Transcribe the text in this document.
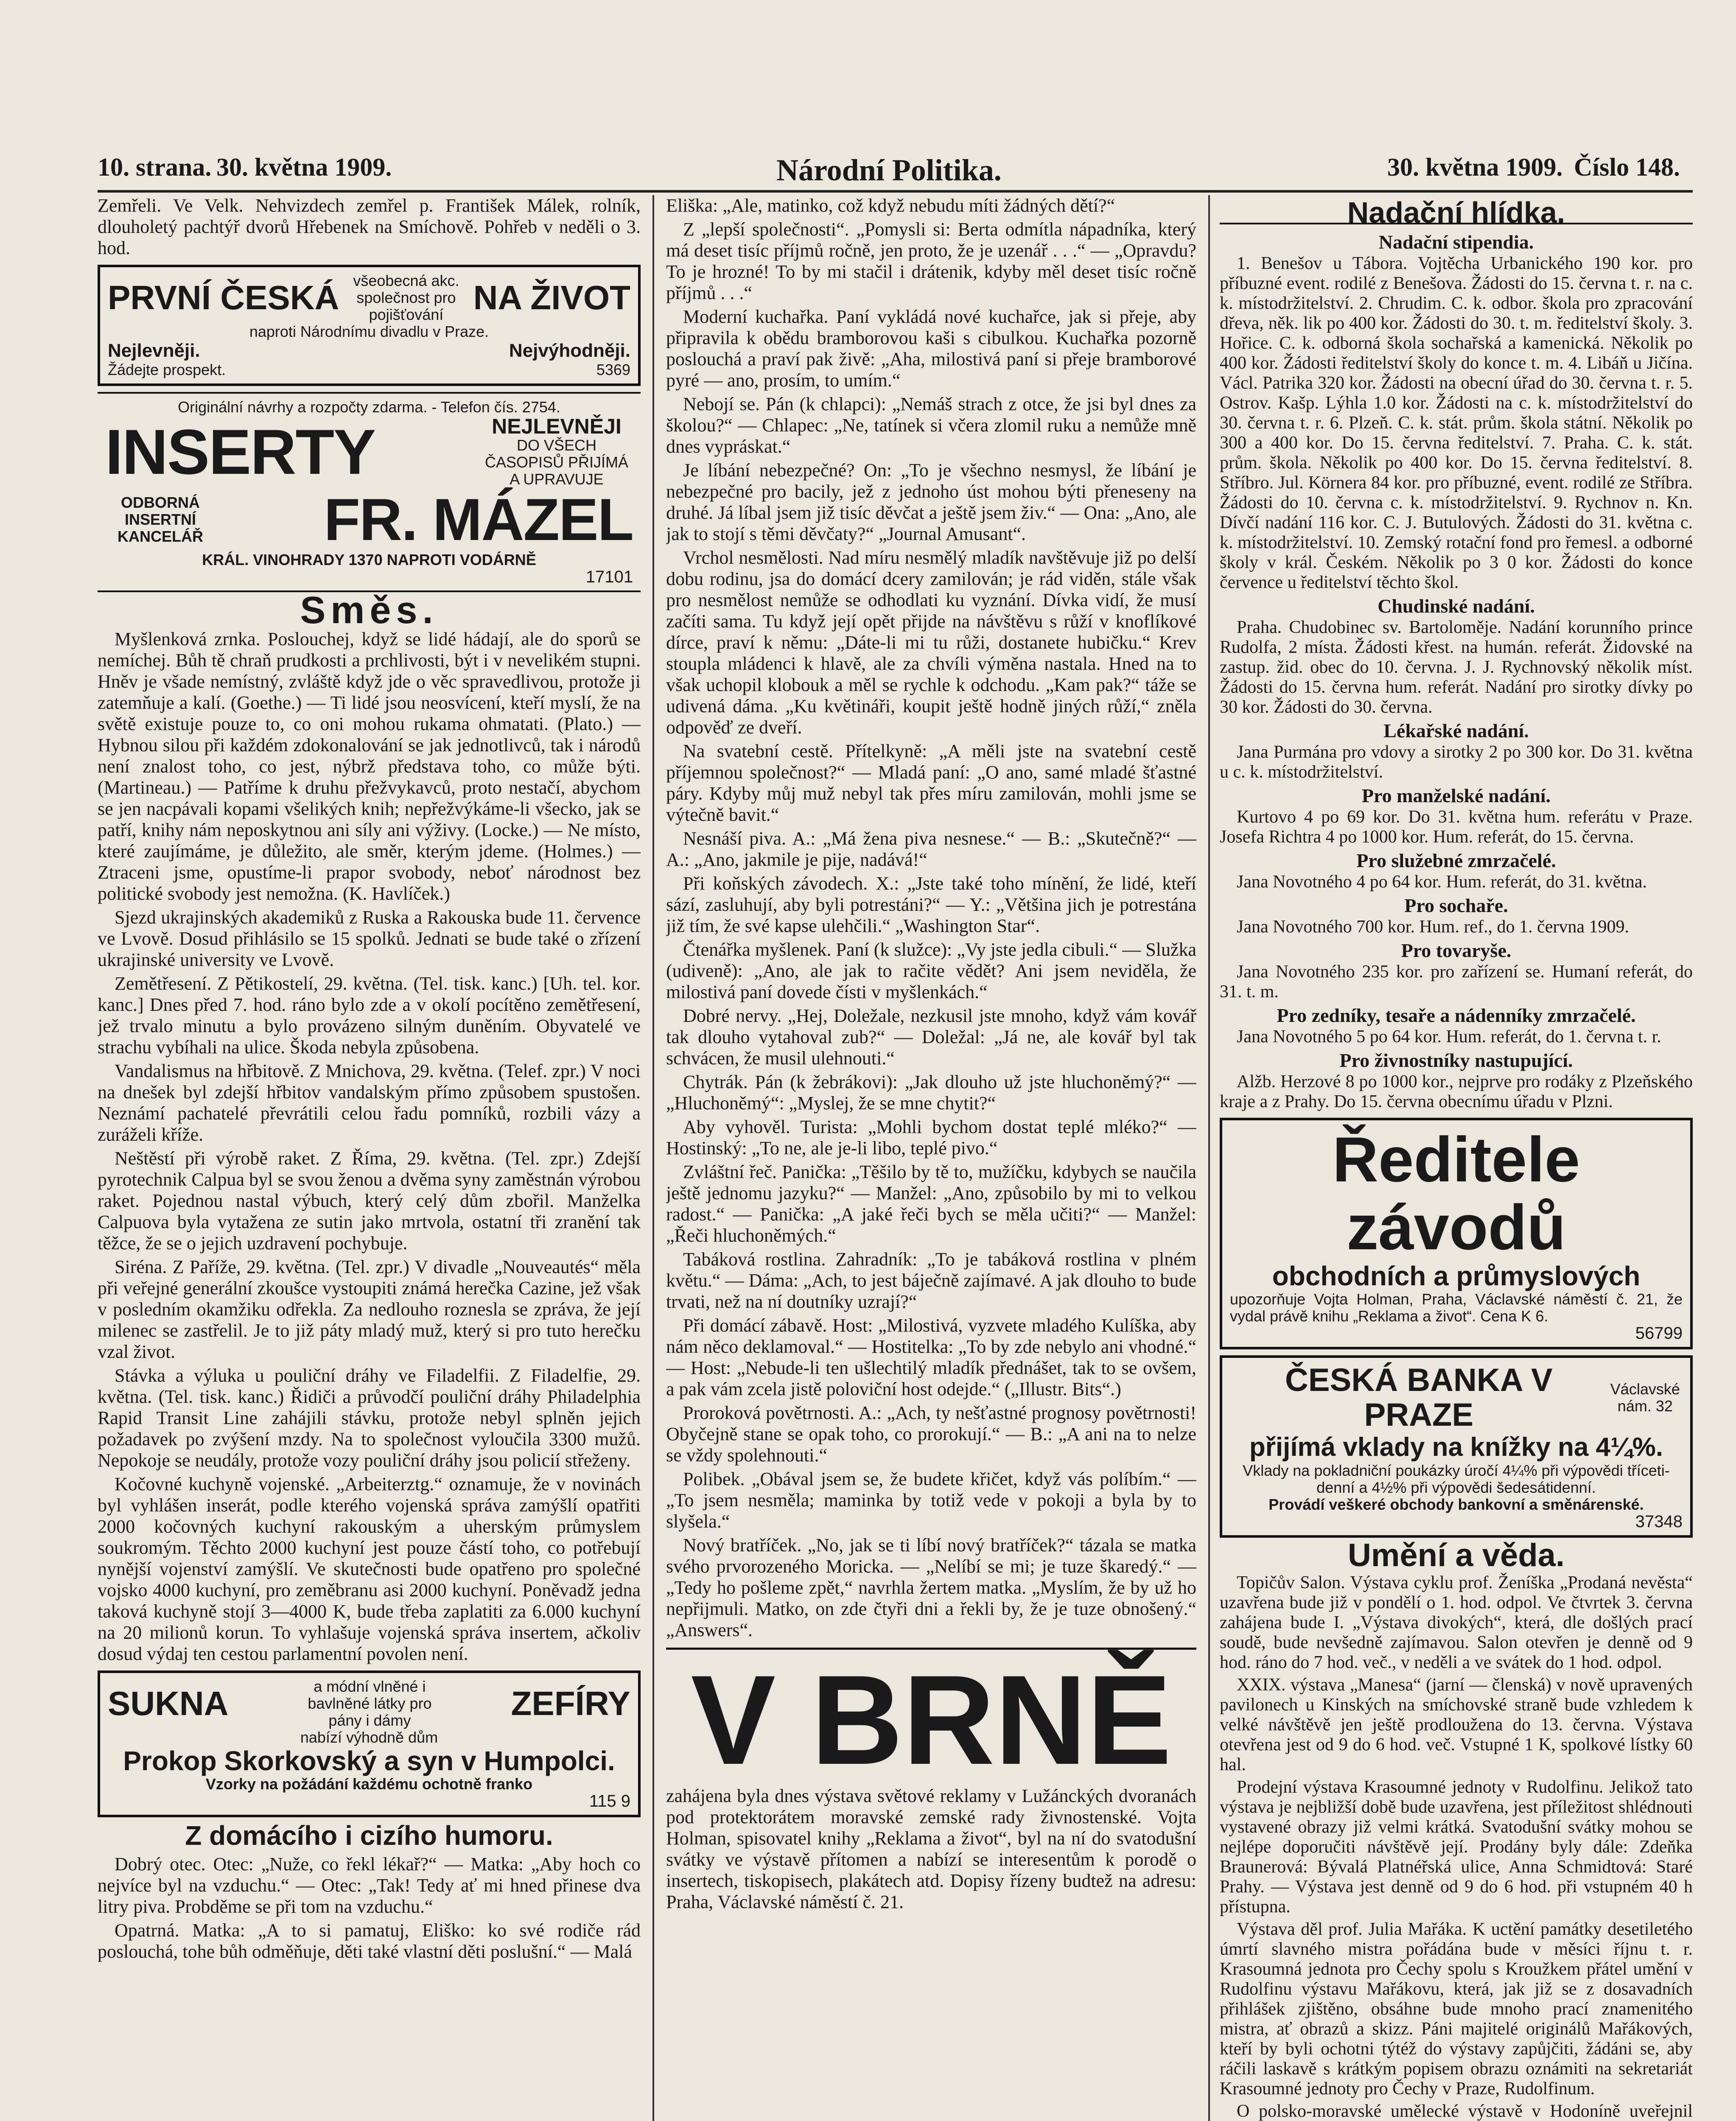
10. strana. 30. května 1909.	Národní Politika.	30. května 1909. Číslo 148.

Zemřeli. Ve Velk. Nehvizdech zemřel p. František Málek, rolník, dlouholetý pachtýř dvorů Hřebenek na Smíchově. Pohřeb v neděli o 3. hod.

PRVNÍ ČESKÁ všeobecná akc. společnost pro pojišťování NA ŽIVOT
naproti Národnímu divadlu v Praze.
Nejlevněji.	Nejvýhodněji.
Žádejte prospekt.	5369
Originální návrhy a rozpočty zdarma. - Telefon čís. 2754.
INSERTY	NEJLEVNĚJI
DO VŠECH ČASOPISŮ PŘIJÍMÁ A UPRAVUJE
ODBORNÁ INSERTNÍ KANCELÁŘ FR. MÁZEL
KRÁL. VINOHRADY 1370 NAPROTI VODÁRNĚ
17101
Směs.

Myšlenková zrnka. Poslouchej, když se lidé hádají, ale do sporů se nemíchej. Bůh tě chraň prudkosti a prchlivosti, být i v nevelikém stupni. Hněv je všade nemístný, zvláště když jde o věc spravedlivou, protože ji zatemňuje a kalí. (Goethe.) — Ti lidé jsou neosvícení, kteří myslí, že na světě existuje pouze to, co oni mohou rukama ohmatati. (Plato.) — Hybnou silou při každém zdokonalování se jak jednotlivců, tak i národů není znalost toho, co jest, nýbrž představa toho, co může býti. (Martineau.) — Patříme k druhu přežvykavců, proto nestačí, abychom se jen nacpávali kopami všelikých knih; nepřežvýkáme-li všecko, jak se patří, knihy nám neposkytnou ani síly ani výživy. (Locke.) — Ne místo, které zaujímáme, je důležito, ale směr, kterým jdeme. (Holmes.) — Ztraceni jsme, opustíme-li prapor svobody, neboť národnost bez politické svobody jest nemožna. (K. Havlíček.)

Sjezd ukrajinských akademiků z Ruska a Rakouska bude 11. července ve Lvově. Dosud přihlásilo se 15 spolků. Jednati se bude také o zřízení ukrajinské university ve Lvově.

Zemětřesení. Z Pětikostelí, 29. května. (Tel. tisk. kanc.) [Uh. tel. kor. kanc.] Dnes před 7. hod. ráno bylo zde a v okolí pocítěno zemětřesení, jež trvalo minutu a bylo provázeno silným duněním. Obyvatelé ve strachu vybíhali na ulice. Škoda nebyla způsobena.

Vandalismus na hřbitově. Z Mnichova, 29. května. (Telef. zpr.) V noci na dnešek byl zdejší hřbitov vandalským přímo způsobem spustošen. Neznámí pachatelé převrátili celou řadu pomníků, rozbili vázy a zuráželi kříže.

Neštěstí při výrobě raket. Z Říma, 29. května. (Tel. zpr.) Zdejší pyrotechnik Calpua byl se svou ženou a dvěma syny zaměstnán výrobou raket. Pojednou nastal výbuch, který celý dům zbořil. Manželka Calpuova byla vytažena ze sutin jako mrtvola, ostatní tři zranění tak těžce, že se o jejich uzdravení pochybuje.

Siréna. Z Paříže, 29. května. (Tel. zpr.) V divadle „Nouveautés“ měla při veřejné generální zkoušce vystoupiti známá herečka Cazine, jež však v posledním okamžiku odřekla. Za nedlouho roznesla se zpráva, že její milenec se zastřelil. Je to již páty mladý muž, který si pro tuto herečku vzal život.

Stávka a výluka u pouliční dráhy ve Filadelfii. Z Filadelfie, 29. května. (Tel. tisk. kanc.) Řidiči a průvodčí pouliční dráhy Philadelphia Rapid Transit Line zahájili stávku, protože nebyl splněn jejich požadavek po zvýšení mzdy. Na to společnost vyloučila 3300 mužů. Nepokoje se neudály, protože vozy pouliční dráhy jsou policií střeženy.

Kočovné kuchyně vojenské. „Arbeiterztg.“ oznamuje, že v novinách byl vyhlášen inserát, podle kterého vojenská správa zamýšlí opatřiti 2000 kočovných kuchyní rakouským a uherským průmyslem soukromým. Těchto 2000 kuchyní jest pouze částí toho, co potřebují nynější vojenství zamýšlí. Ve skutečnosti bude opatřeno pro společné vojsko 4000 kuchyní, pro zeměbranu asi 2000 kuchyní. Poněvadž jedna taková kuchyně stojí 3—4000 K, bude třeba zaplatiti za 6.000 kuchyní na 20 milionů korun. To vyhlašuje vojenská správa insertem, ačkoliv dosud výdaj ten cestou parlamentní povolen není.

SUKNA	a módní vlněné i bavlněné látky pro pány i dámy	ZEFÍRY
nabízí výhodně dům
Prokop Skorkovský a syn v Humpolci.
Vzorky na požádání každému ochotně franko
115 9
Z domácího i cizího humoru.

Dobrý otec. Otec: „Nuže, co řekl lékař?“ — Matka: „Aby hoch co nejvíce byl na vzduchu.“ — Otec: „Tak! Tedy ať mi hned přinese dva litry piva. Probděme se při tom na vzduchu.“

Opatrná. Matka: „A to si pamatuj, Eliško: ko své rodiče rád poslouchá, tohe bůh odměňuje, děti také vlastní děti poslušní.“ — Malá

Eliška: „Ale, matinko, což když nebudu míti žádných dětí?“

Z „lepší společnosti“. „Pomysli si: Berta odmítla nápadníka, který má deset tisíc příjmů ročně, jen proto, že je uzenář . . .“ — „Opravdu? To je hrozné! To by mi stačil i drátenik, kdyby měl deset tisíc ročně příjmů . . .“

Moderní kuchařka. Paní vykládá nové kuchařce, jak si přeje, aby připravila k obědu bramborovou kaši s cibulkou. Kuchařka pozorně poslouchá a praví pak živě: „Aha, milostivá paní si přeje bramborové pyré — ano, prosím, to umím.“

Nebojí se. Pán (k chlapci): „Nemáš strach z otce, že jsi byl dnes za školou?“ — Chlapec: „Ne, tatínek si včera zlomil ruku a nemůže mně dnes vypráskat.“

Je líbání nebezpečné? On: „To je všechno nesmysl, že líbání je nebezpečné pro bacily, jež z jednoho úst mohou býti přeneseny na druhé. Já líbal jsem již tisíc děvčat a ještě jsem živ.“ — Ona: „Ano, ale jak to stojí s těmi děvčaty?“ „Journal Amusant“.

Vrchol nesmělosti. Nad míru nesmělý mladík navštěvuje již po delší dobu rodinu, jsa do domácí dcery zamilován; je rád viděn, stále však pro nesmělost nemůže se odhodlati ku vyznání. Dívka vidí, že musí začíti sama. Tu když její opět přijde na návštěvu s růží v knoflíkové dírce, praví k němu: „Dáte-li mi tu růži, dostanete hubičku.“ Krev stoupla mládenci k hlavě, ale za chvíli výměna nastala. Hned na to však uchopil klobouk a měl se rychle k odchodu. „Kam pak?“ táže se udivená dáma. „Ku květináři, koupit ještě hodně jiných růží,“ zněla odpověď ze dveří.

Na svatební cestě. Přítelkyně: „A měli jste na svatební cestě příjemnou společnost?“ — Mladá paní: „O ano, samé mladé šťastné páry. Kdyby můj muž nebyl tak přes míru zamilován, mohli jsme se výtečně bavit.“

Nesnáší piva. A.: „Má žena piva nesnese.“ — B.: „Skutečně?“ — A.: „Ano, jakmile je pije, nadává!“

Při koňských závodech. X.: „Jste také toho mínění, že lidé, kteří sází, zasluhují, aby byli potrestáni?“ — Y.: „Většina jich je potrestána již tím, že své kapse ulehčili.“ „Washington Star“.

Čtenářka myšlenek. Paní (k služce): „Vy jste jedla cibuli.“ — Služka (udiveně): „Ano, ale jak to račite vědět? Ani jsem neviděla, že milostivá paní dovede čísti v myšlenkách.“

Dobré nervy. „Hej, Doležale, nezkusil jste mnoho, když vám kovář tak dlouho vytahoval zub?“ — Doležal: „Já ne, ale kovář byl tak schvácen, že musil ulehnouti.“

Chytrák. Pán (k žebrákovi): „Jak dlouho už jste hluchoněmý?“ — „Hluchoněmý“: „Myslej, že se mne chytit?“

Aby vyhověl. Turista: „Mohli bychom dostat teplé mléko?“ — Hostinský: „To ne, ale je-li libo, teplé pivo.“

Zvláštní řeč. Panička: „Těšilo by tě to, mužíčku, kdybych se naučila ještě jednomu jazyku?“ — Manžel: „Ano, způsobilo by mi to velkou radost.“ — Panička: „A jaké řeči bych se měla učiti?“ — Manžel: „Řeči hluchoněmých.“

Tabáková rostlina. Zahradník: „To je tabáková rostlina v plném květu.“ — Dáma: „Ach, to jest báječně zajímavé. A jak dlouho to bude trvati, než na ní doutníky uzrají?“

Při domácí zábavě. Host: „Milostivá, vyzvete mladého Kulíška, aby nám něco deklamoval.“ — Hostitelka: „To by zde nebylo ani vhodné.“ — Host: „Nebude-li ten ušlechtilý mladík přednášet, tak to se ovšem, a pak vám zcela jistě poloviční host odejde.“ („Illustr. Bits“.)

Proroková povětrnosti. A.: „Ach, ty nešťastné prognosy povětrnosti! Obyčejně stane se opak toho, co prorokují.“ — B.: „A ani na to nelze se vždy spolehnouti.“

Polibek. „Obával jsem se, že budete křičet, když vás políbím.“ — „To jsem nesměla; maminka by totiž vede v pokoji a byla by to slyšela.“

Nový bratříček. „No, jak se ti líbí nový bratříček?“ tázala se matka svého prvorozeného Moricka. — „Nelíbí se mi; je tuze škaredý.“ — „Tedy ho pošleme zpět,“ navrhla žertem matka. „Myslím, že by už ho nepřijmuli. Matko, on zde čtyři dni a řekli by, že je tuze obnošený.“ „Answers“.

V BRNĚ

zahájena byla dnes výstava světové reklamy v Lužánckých dvoranách pod protektorátem moravské zemské rady živnostenské. Vojta Holman, spisovatel knihy „Reklama a život“, byl na ní do svatodušní svátky ve výstavě přítomen a nabízí se interesentům k porodě o insertech, tiskopisech, plakátech atd. Dopisy řízeny budtež na adresu: Praha, Václavské náměstí č. 21.

Nadační hlídka.
Nadační stipendia.

1. Benešov u Tábora. Vojtěcha Urbanického 190 kor. pro příbuzné event. rodilé z Benešova. Žádosti do 15. června t. r. na c. k. místodržitelství. 2. Chrudim. C. k. odbor. škola pro zpracování dřeva, něk. lik po 400 kor. Žádosti do 30. t. m. ředitelství školy. 3. Hořice. C. k. odborná škola sochařská a kamenická. Několik po 400 kor. Žádosti ředitelství školy do konce t. m. 4. Libáň u Jičína. Václ. Patrika 320 kor. Žádosti na obecní úřad do 30. června t. r. 5. Ostrov. Kašp. Lýhla 1.0 kor. Žádosti na c. k. místodržitelství do 30. června t. r. 6. Plzeň. C. k. stát. prům. škola státní. Několik po 300 a 400 kor. Do 15. června ředitelství. 7. Praha. C. k. stát. prům. škola. Několik po 400 kor. Do 15. června ředitelství. 8. Stříbro. Jul. Körnera 84 kor. pro příbuzné, event. rodilé ze Stříbra. Žádosti do 10. června c. k. místodržitelství. 9. Rychnov n. Kn. Dívčí nadání 116 kor. C. J. Butulových. Žádosti do 31. května c. k. místodržitelství. 10. Zemský rotační fond pro řemesl. a odborné školy v král. Českém. Několik po 3 0 kor. Žádosti do konce července u ředitelství těchto škol.

Chudinské nadání.

Praha. Chudobinec sv. Bartoloměje. Nadání korunního prince Rudolfa, 2 místa. Žádosti křest. na humán. referát. Židovské na zastup. žid. obec do 10. června. J. J. Rychnovský několik míst. Žádosti do 15. června hum. referát. Nadání pro sirotky dívky po 30 kor. Žádosti do 30. června.

Lékařské nadání.

Jana Purmána pro vdovy a sirotky 2 po 300 kor. Do 31. května u c. k. místodržitelství.

Pro manželské nadání.

Kurtovo 4 po 69 kor. Do 31. května hum. referátu v Praze. Josefa Richtra 4 po 1000 kor. Hum. referát, do 15. června.

Pro služebné zmrzačelé.

Jana Novotného 4 po 64 kor. Hum. referát, do 31. května.

Pro sochaře.

Jana Novotného 700 kor. Hum. ref., do 1. června 1909.

Pro tovaryše.

Jana Novotného 235 kor. pro zařízení se. Humaní referát, do 31. t. m.

Pro zedníky, tesaře a nádenníky zmrzačelé.

Jana Novotného 5 po 64 kor. Hum. referát, do 1. června t. r.

Pro živnostníky nastupující.

Alžb. Herzové 8 po 1000 kor., nejprve pro rodáky z Plzeňského kraje a z Prahy. Do 15. června obecnímu úřadu v Plzni.

Ředitele závodů
obchodních a průmyslových
upozorňuje Vojta Holman, Praha, Václavské náměstí č. 21, že vydal právě knihu „Reklama a život“. Cena K 6.
56799
ČESKÁ BANKA V PRAZE
Václavské nám. 32
přijímá vklady na knížky na 4¼%.
Vklady na pokladniční poukázky úročí 4¼% při výpovědi třícetidenní a 4½% při výpovědi šedesátidenní.
Provádí veškeré obchody bankovní a směnárenské.
37348
Umění a věda.

Topičův Salon. Výstava cyklu prof. Ženíška „Prodaná nevěsta“ uzavřena bude již v pondělí o 1. hod. odpol. Ve čtvrtek 3. června zahájena bude I. „Výstava divokých“, která, dle došlých prací soudě, bude nevšedně zajímavou. Salon otevřen je denně od 9 hod. ráno do 7 hod. več., v neděli a ve svátek do 1 hod. odpol.

XXIX. výstava „Manesa“ (jarní — členská) v nově upravených pavilonech u Kinských na smíchovské straně bude vzhledem k velké návštěvě jen ještě prodloužena do 13. června. Výstava otevřena jest od 9 do 6 hod. več. Vstupné 1 K, spolkové lístky 60 hal.

Prodejní výstava Krasoumné jednoty v Rudolfinu. Jelikož tato výstava je nejbližší době bude uzavřena, jest příležitost shlédnouti vystavené obrazy již velmi krátká. Svatodušní svátky mohou se nejlépe doporučiti návštěvě její. Prodány byly dále: Zdeňka Braunerová: Bývalá Platnéřská ulice, Anna Schmidtová: Staré Prahy. — Výstava jest denně od 9 do 6 hod. při vstupném 40 h přístupna.

Výstava děl prof. Julia Mařáka. K uctění památky desetiletého úmrtí slavného mistra pořádána bude v měsíci říjnu t. r. Krasoumná jednota pro Čechy spolu s Kroužkem přátel umění v Rudolfinu výstavu Mařákovu, která, jak již se z dosavadních přihlášek zjištěno, obsáhne bude mnoho prací znamenitého mistra, ať obrazů a skizz. Páni majitelé originálů Mařákových, kteří by byli ochotni týtéž do výstavy zapůjčiti, žádáni se, aby ráčili laskavě s krátkým popisem obrazu oznámiti na sekretariát Krasoumné jednoty pro Čechy v Praze, Rudolfinum.

O polsko-moravské umělecké výstavě v Hodoníně uveřejnil
